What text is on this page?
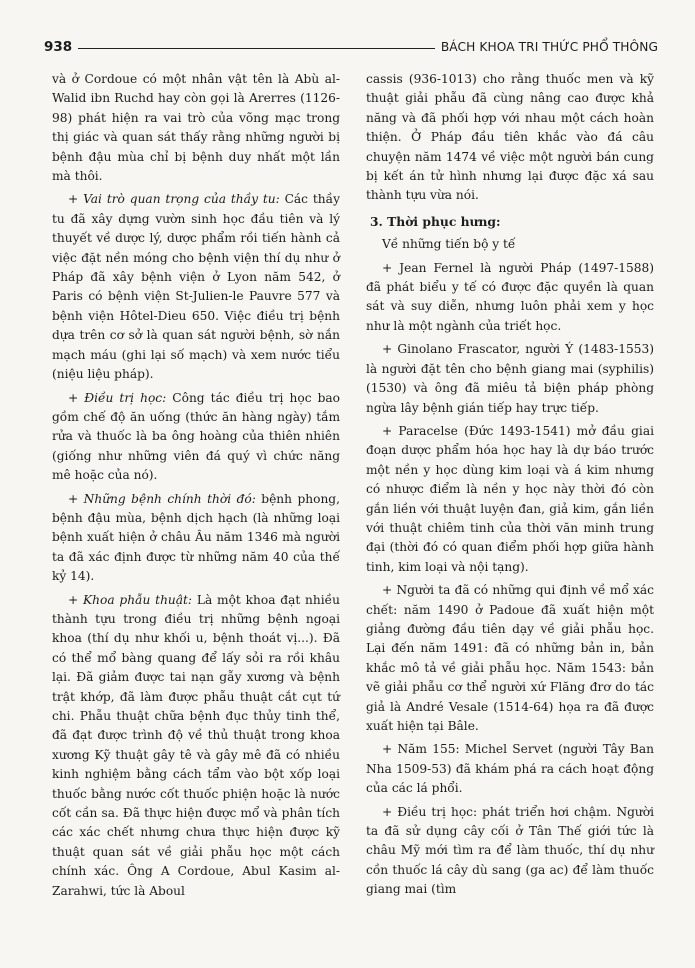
938	BÁCH KHOA TRI THỨC PHỔ THÔNG

và ở Cordoue có một nhân vật tên là Abù al-Walid ibn Ruchd hay còn gọi là Arerres (1126-98) phát hiện ra vai trò của võng mạc trong thị giác và quan sát thấy rằng những người bị bệnh đậu mùa chỉ bị bệnh duy nhất một lần mà thôi.

+ Vai trò quan trọng của thầy tu: Các thầy tu đã xây dựng vườn sinh học đầu tiên và lý thuyết về dược lý, dược phẩm rồi tiến hành cả việc đặt nền móng cho bệnh viện thí dụ như ở Pháp đã xây bệnh viện ở Lyon năm 542, ở Paris có bệnh viện St-Julien-le Pauvre 577 và bệnh viện Hôtel-Dieu 650. Việc điều trị bệnh dựa trên cơ sở là quan sát người bệnh, sờ nắn mạch máu (ghi lại số mạch) và xem nước tiểu (niệu liệu pháp).

+ Điều trị học: Công tác điều trị học bao gồm chế độ ăn uống (thức ăn hàng ngày) tắm rửa và thuốc là ba ông hoàng của thiên nhiên (giống như những viên đá quý vì chức năng mê hoặc của nó).

+ Những bệnh chính thời đó: bệnh phong, bệnh đậu mùa, bệnh dịch hạch (là những loại bệnh xuất hiện ở châu Âu năm 1346 mà người ta đã xác định được từ những năm 40 của thế kỷ 14).

+ Khoa phẫu thuật: Là một khoa đạt nhiều thành tựu trong điều trị những bệnh ngoại khoa (thí dụ như khối u, bệnh thoát vị...). Đã có thể mổ bàng quang để lấy sỏi ra rồi khâu lại. Đã giảm được tai nạn gẫy xương và bệnh trật khớp, đã làm được phẫu thuật cắt cụt tứ chi. Phẫu thuật chữa bệnh đục thủy tinh thể, đã đạt được trình độ về thủ thuật trong khoa xương Kỹ thuật gây tê và gây mê đã có nhiều kinh nghiệm bằng cách tẩm vào bột xốp loại thuốc bằng nước cốt thuốc phiện hoặc là nước cốt cần sa. Đã thực hiện được mổ và phân tích các xác chết nhưng chưa thực hiện được kỹ thuật quan sát về giải phẫu học một cách chính xác. Ông A Cordoue, Abul Kasim al-Zarahwi, tức là Aboul

cassis (936-1013) cho rằng thuốc men và kỹ thuật giải phẫu đã cùng nâng cao được khả năng và đã phối hợp với nhau một cách hoàn thiện. Ở Pháp đầu tiên khắc vào đá câu chuyện năm 1474 về việc một người bán cung bị kết án tử hình nhưng lại được đặc xá sau thành tựu vừa nói.

3. Thời phục hưng:

Về những tiến bộ y tế

+ Jean Fernel là người Pháp (1497-1588) đã phát biểu y tế có được đặc quyền là quan sát và suy diễn, nhưng luôn phải xem y học như là một ngành của triết học.

+ Ginolano Frascator, người Ý (1483-1553) là người đặt tên cho bệnh giang mai (syphilis) (1530) và ông đã miêu tả biện pháp phòng ngừa lây bệnh gián tiếp hay trực tiếp.

+ Paracelse (Đức 1493-1541) mở đầu giai đoạn dược phẩm hóa học hay là dự báo trước một nền y học dùng kim loại và á kim nhưng có nhược điểm là nền y học này thời đó còn gắn liền với thuật luyện đan, giả kim, gắn liền với thuật chiêm tinh của thời văn minh trung đại (thời đó có quan điểm phối hợp giữa hành tinh, kim loại và nội tạng).

+ Người ta đã có những qui định về mổ xác chết: năm 1490 ở Padoue đã xuất hiện một giảng đường đầu tiên dạy về giải phẫu học. Lại đến năm 1491: đã có những bản in, bản khắc mô tả về giải phẫu học. Năm 1543: bản vẽ giải phẫu cơ thể người xứ Flăng đrơ do tác giả là André Vesale (1514-64) họa ra đã được xuất hiện tại Bâle.

+ Năm 155: Michel Servet (người Tây Ban Nha 1509-53) đã khám phá ra cách hoạt động của các lá phổi.

+ Điều trị học: phát triển hơi chậm. Người ta đã sử dụng cây cối ở Tân Thế giới tức là châu Mỹ mới tìm ra để làm thuốc, thí dụ như cồn thuốc lá cây dù sang (ga ac) để làm thuốc giang mai (tìm
